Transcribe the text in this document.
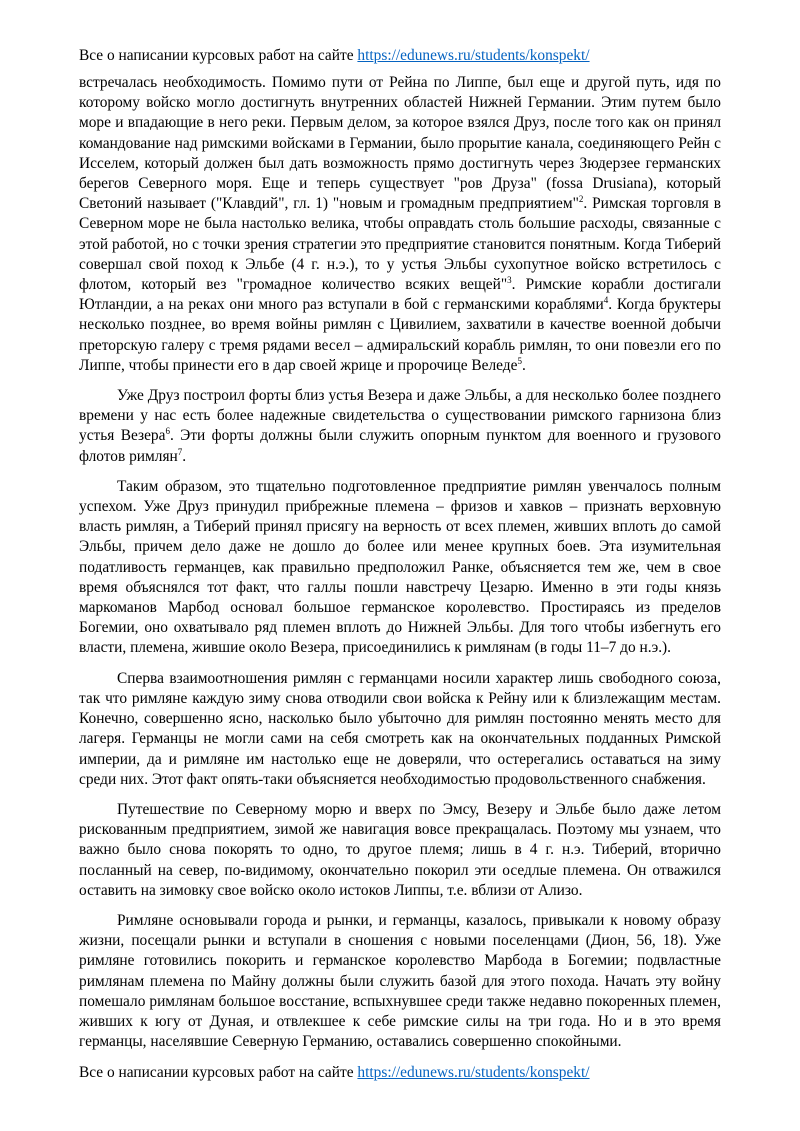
Все о написании курсовых работ на сайте https://edunews.ru/students/konspekt/

встречалась необходимость. Помимо пути от Рейна по Липпе, был еще и другой путь, идя по которому войско могло достигнуть внутренних областей Нижней Германии. Этим путем было море и впадающие в него реки. Первым делом, за которое взялся Друз, после того как он принял командование над римскими войсками в Германии, было прорытие канала, соединяющего Рейн с Исселем, который должен был дать возможность прямо достигнуть через Зюдерзее германских берегов Северного моря. Еще и теперь существует "ров Друза" (fossa Drusiana), который Светоний называет ("Клавдий", гл. 1) "новым и громадным предприятием"$^2$. Римская торговля в Северном море не была настолько велика, чтобы оправдать столь большие расходы, связанные с этой работой, но с точки зрения стратегии это предприятие становится понятным. Когда Тиберий совершал свой поход к Эльбе (4 г. н.э.), то у устья Эльбы сухопутное войско встретилось с флотом, который вез "громадное количество всяких вещей"$^3$. Римские корабли достигали Ютландии, а на реках они много раз вступали в бой с германскими кораблями$^4$. Когда бруктеры несколько позднее, во время войны римлян с Цивилием, захватили в качестве военной добычи преторскую галеру с тремя рядами весел – адмиральский корабль римлян, то они повезли его по Липпе, чтобы принести его в дар своей жрице и пророчице Веледе$^5$.

Уже Друз построил форты близ устья Везера и даже Эльбы, а для несколько более позднего времени у нас есть более надежные свидетельства о существовании римского гарнизона близ устья Везера$^6$. Эти форты должны были служить опорным пунктом для военного и грузового флотов римлян$^7$.

Таким образом, это тщательно подготовленное предприятие римлян увенчалось полным успехом. Уже Друз принудил прибрежные племена – фризов и хавков – признать верховную власть римлян, а Тиберий принял присягу на верность от всех племен, живших вплоть до самой Эльбы, причем дело даже не дошло до более или менее крупных боев. Эта изумительная податливость германцев, как правильно предположил Ранке, объясняется тем же, чем в свое время объяснялся тот факт, что галлы пошли навстречу Цезарю. Именно в эти годы князь маркоманов Марбод основал большое германское королевство. Простираясь из пределов Богемии, оно охватывало ряд племен вплоть до Нижней Эльбы. Для того чтобы избегнуть его власти, племена, жившие около Везера, присоединились к римлянам (в годы 11–7 до н.э.).

Сперва взаимоотношения римлян с германцами носили характер лишь свободного союза, так что римляне каждую зиму снова отводили свои войска к Рейну или к близлежащим местам. Конечно, совершенно ясно, насколько было убыточно для римлян постоянно менять место для лагеря. Германцы не могли сами на себя смотреть как на окончательных подданных Римской империи, да и римляне им настолько еще не доверяли, что остерегались оставаться на зиму среди них. Этот факт опять-таки объясняется необходимостью продовольственного снабжения.

Путешествие по Северному морю и вверх по Эмсу, Везеру и Эльбе было даже летом рискованным предприятием, зимой же навигация вовсе прекращалась. Поэтому мы узнаем, что важно было снова покорять то одно, то другое племя; лишь в 4 г. н.э. Тиберий, вторично посланный на север, по-видимому, окончательно покорил эти оседлые племена. Он отважился оставить на зимовку свое войско около истоков Липпы, т.е. вблизи от Ализо.

Римляне основывали города и рынки, и германцы, казалось, привыкали к новому образу жизни, посещали рынки и вступали в сношения с новыми поселенцами (Дион, 56, 18). Уже римляне готовились покорить и германское королевство Марбода в Богемии; подвластные римлянам племена по Майну должны были служить базой для этого похода. Начать эту войну помешало римлянам большое восстание, вспыхнувшее среди также недавно покоренных племен, живших к югу от Дуная, и отвлекшее к себе римские силы на три года. Но и в это время германцы, населявшие Северную Германию, оставались совершенно спокойными.

Все о написании курсовых работ на сайте https://edunews.ru/students/konspekt/
